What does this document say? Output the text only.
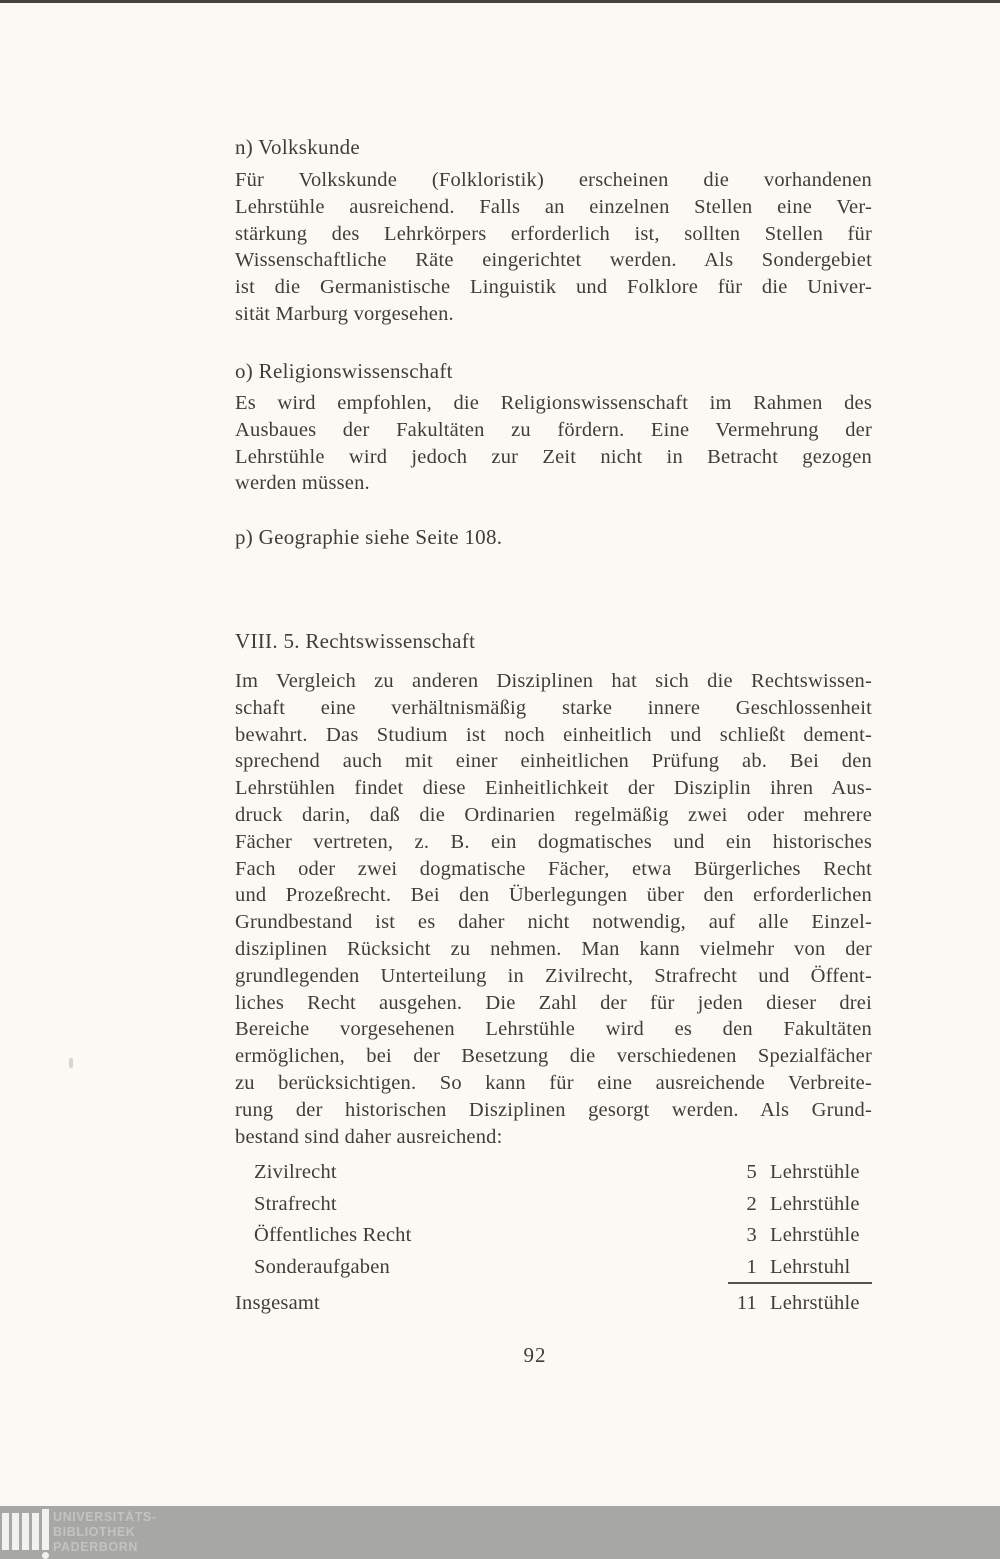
n) Volkskunde
Für Volkskunde (Folkloristik) erscheinen die vorhandenen
Lehrstühle ausreichend. Falls an einzelnen Stellen eine Ver-
stärkung des Lehrkörpers erforderlich ist, sollten Stellen für
Wissenschaftliche Räte eingerichtet werden. Als Sondergebiet
ist die Germanistische Linguistik und Folklore für die Univer-
sität Marburg vorgesehen.
o) Religionswissenschaft
Es wird empfohlen, die Religionswissenschaft im Rahmen des
Ausbaues der Fakultäten zu fördern. Eine Vermehrung der
Lehrstühle wird jedoch zur Zeit nicht in Betracht gezogen
werden müssen.
p) Geographie siehe Seite 108.
VIII. 5. Rechtswissenschaft
Im Vergleich zu anderen Disziplinen hat sich die Rechtswissen-
schaft eine verhältnismäßig starke innere Geschlossenheit
bewahrt. Das Studium ist noch einheitlich und schließt dement-
sprechend auch mit einer einheitlichen Prüfung ab. Bei den
Lehrstühlen findet diese Einheitlichkeit der Disziplin ihren Aus-
druck darin, daß die Ordinarien regelmäßig zwei oder mehrere
Fächer vertreten, z. B. ein dogmatisches und ein historisches
Fach oder zwei dogmatische Fächer, etwa Bürgerliches Recht
und Prozeßrecht. Bei den Überlegungen über den erforderlichen
Grundbestand ist es daher nicht notwendig, auf alle Einzel-
disziplinen Rücksicht zu nehmen. Man kann vielmehr von der
grundlegenden Unterteilung in Zivilrecht, Strafrecht und Öffent-
liches Recht ausgehen. Die Zahl der für jeden dieser drei
Bereiche vorgesehenen Lehrstühle wird es den Fakultäten
ermöglichen, bei der Besetzung die verschiedenen Spezialfächer
zu berücksichtigen. So kann für eine ausreichende Verbreite-
rung der historischen Disziplinen gesorgt werden. Als Grund-
bestand sind daher ausreichend:
Zivilrecht	5 Lehrstühle
Strafrecht	2 Lehrstühle
Öffentliches Recht	3 Lehrstühle
Sonderaufgaben	1 Lehrstuhl
Insgesamt	11 Lehrstühle
92
UNIVERSITÄTS-
BIBLIOTHEK
PADERBORN
